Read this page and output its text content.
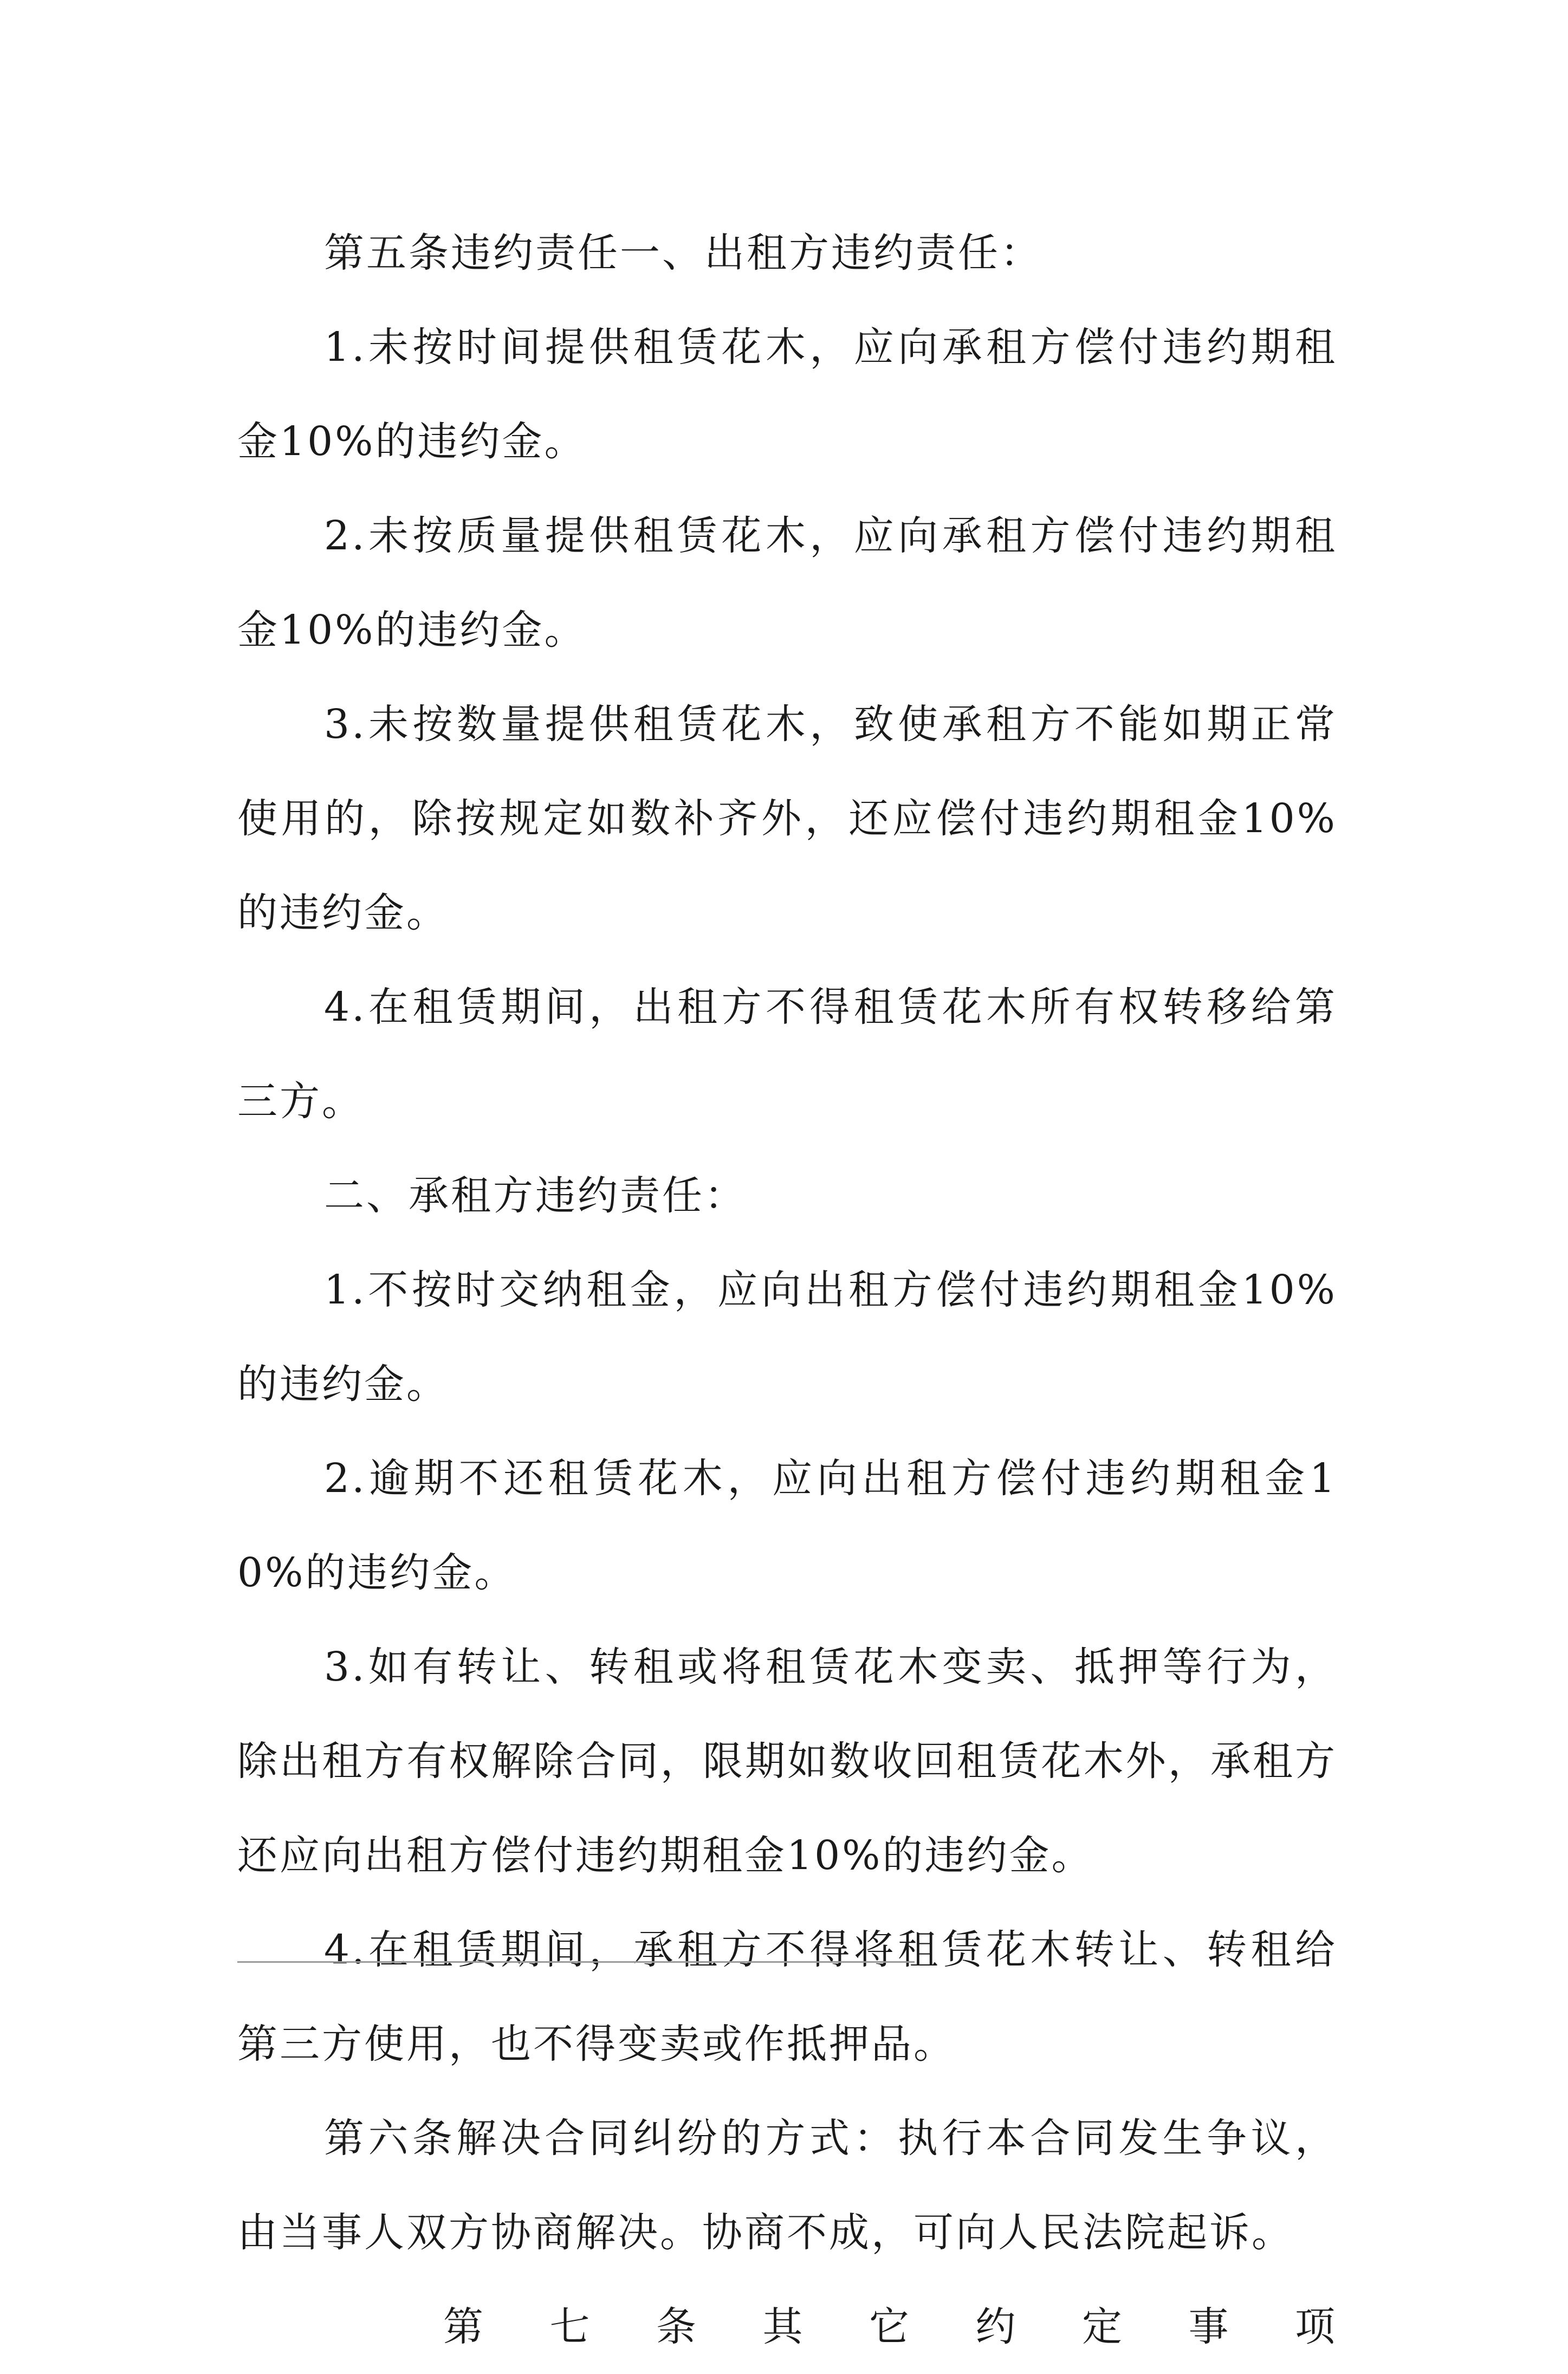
第五条违约责任一、出租方违约责任：

1.未按时间提供租赁花木，应向承租方偿付违约期租金10%的违约金。

2.未按质量提供租赁花木，应向承租方偿付违约期租金10%的违约金。

3.未按数量提供租赁花木，致使承租方不能如期正常使用的，除按规定如数补齐外，还应偿付违约期租金10%的违约金。

4.在租赁期间，出租方不得租赁花木所有权转移给第三方。

二、承租方违约责任：

1.不按时交纳租金，应向出租方偿付违约期租金10%的违约金。

2.逾期不还租赁花木，应向出租方偿付违约期租金10%的违约金。

3.如有转让、转租或将租赁花木变卖、抵押等行为，除出租方有权解除合同，限期如数收回租赁花木外，承租方还应向出租方偿付违约期租金10%的违约金。

4.在租赁期间，承租方不得将租赁花木转让、转租给第三方使用，也不得变卖或作抵押品。

第六条解决合同纠纷的方式：执行本合同发生争议，由当事人双方协商解决。协商不成，可向人民法院起诉。

第七条其它约定事项
